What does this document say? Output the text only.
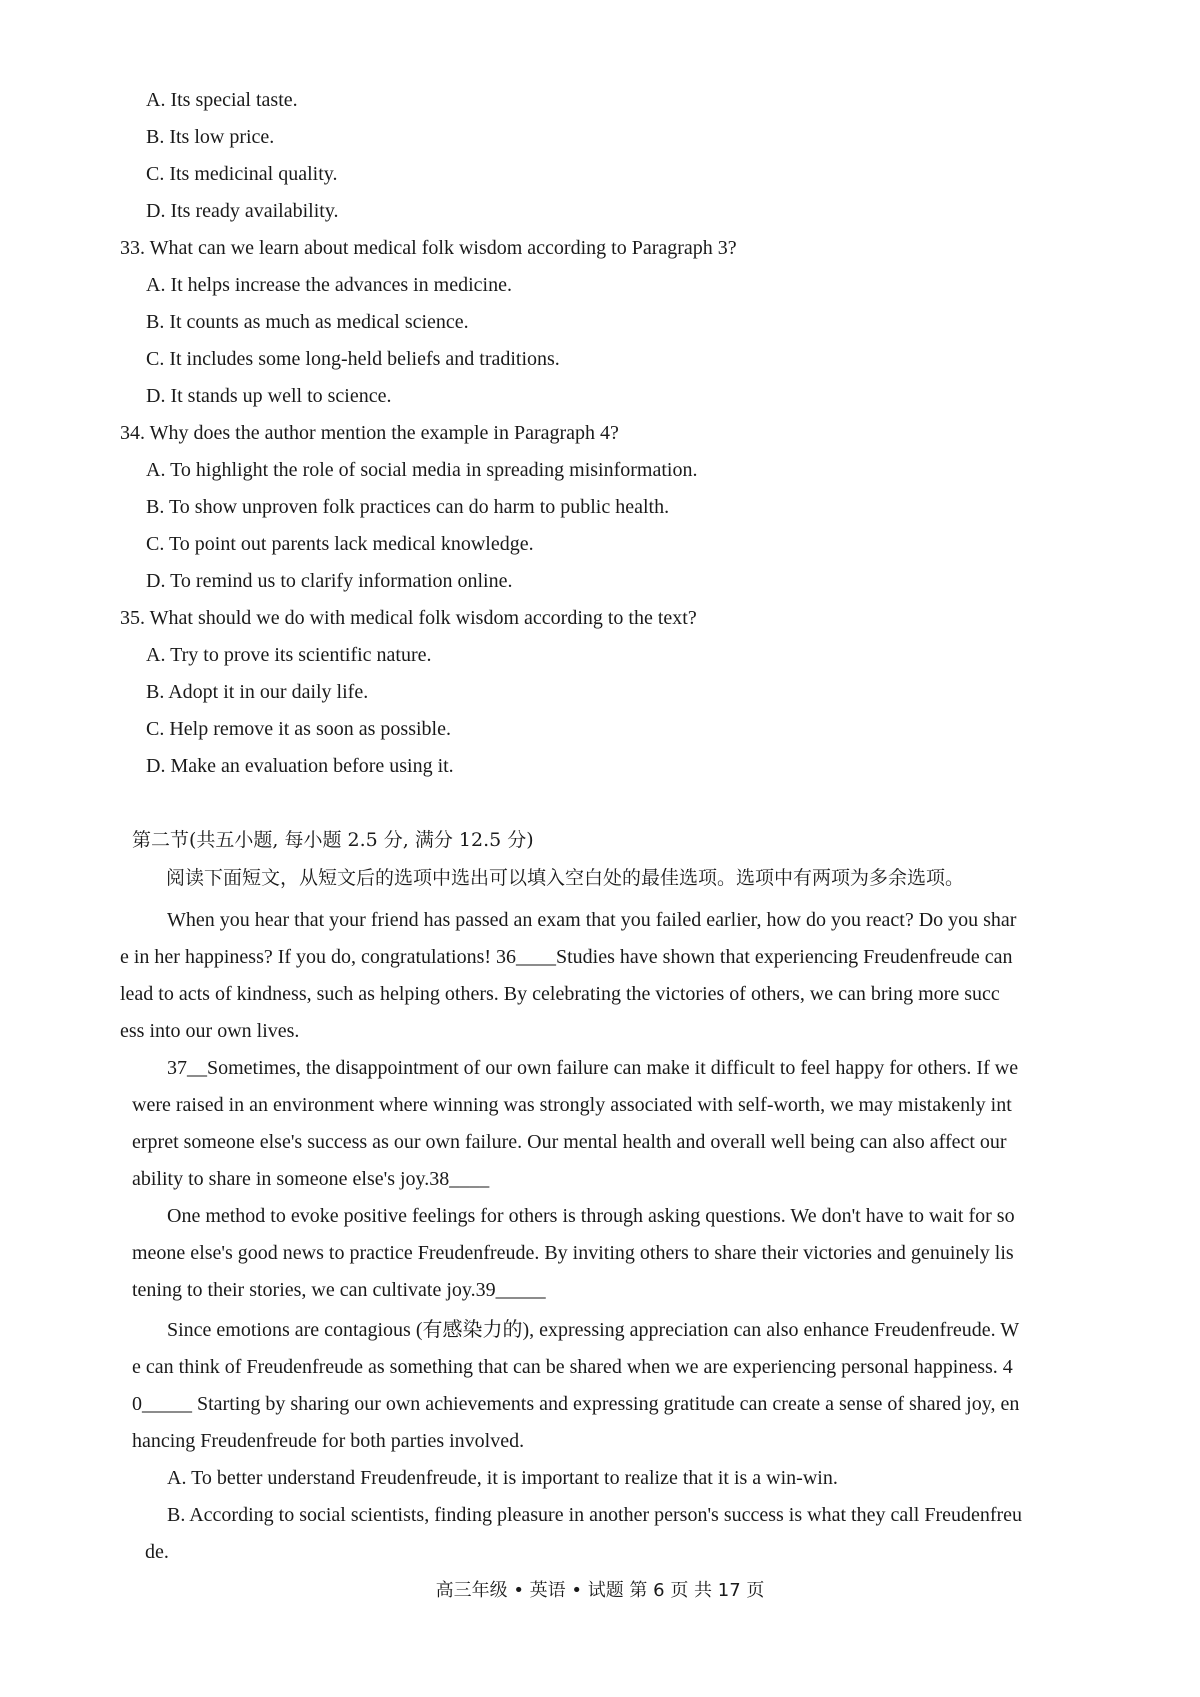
A. Its special taste.
B. Its low price.
C. Its medicinal quality.
D. Its ready availability.
33. What can we learn about medical folk wisdom according to Paragraph 3?
A. It helps increase the advances in medicine.
B. It counts as much as medical science.
C. It includes some long-held beliefs and traditions.
D. It stands up well to science.
34. Why does the author mention the example in Paragraph 4?
A. To highlight the role of social media in spreading misinformation.
B. To show unproven folk practices can do harm to public health.
C. To point out parents lack medical knowledge.
D. To remind us to clarify information online.
35. What should we do with medical folk wisdom according to the text?
A. Try to prove its scientific nature.
B. Adopt it in our daily life.
C. Help remove it as soon as possible.
D. Make an evaluation before using it.
第二节(共五小题, 每小题 2.5 分, 满分 12.5 分)
阅读下面短文，从短文后的选项中选出可以填入空白处的最佳选项。选项中有两项为多余选项。
When you hear that your friend has passed an exam that you failed earlier, how do you react? Do you shar
e in her happiness? If you do, congratulations! 36____Studies have shown that experiencing Freudenfreude can
lead to acts of kindness, such as helping others. By celebrating the victories of others, we can bring more succ
ess into our own lives.
37__Sometimes, the disappointment of our own failure can make it difficult to feel happy for others. If we
were raised in an environment where winning was strongly associated with self-worth, we may mistakenly int
erpret someone else's success as our own failure. Our mental health and overall well being can also affect our
ability to share in someone else's joy.38____
One method to evoke positive feelings for others is through asking questions. We don't have to wait for so
meone else's good news to practice Freudenfreude. By inviting others to share their victories and genuinely lis
tening to their stories, we can cultivate joy.39_____
Since emotions are contagious (有感染力的), expressing appreciation can also enhance Freudenfreude. W
e can think of Freudenfreude as something that can be shared when we are experiencing personal happiness. 4
0_____ Starting by sharing our own achievements and expressing gratitude can create a sense of shared joy, en
hancing Freudenfreude for both parties involved.
A. To better understand Freudenfreude, it is important to realize that it is a win-win.
B. According to social scientists, finding pleasure in another person's success is what they call Freudenfreu
de.
高三年级 • 英语 • 试题 第 6 页 共 17 页
